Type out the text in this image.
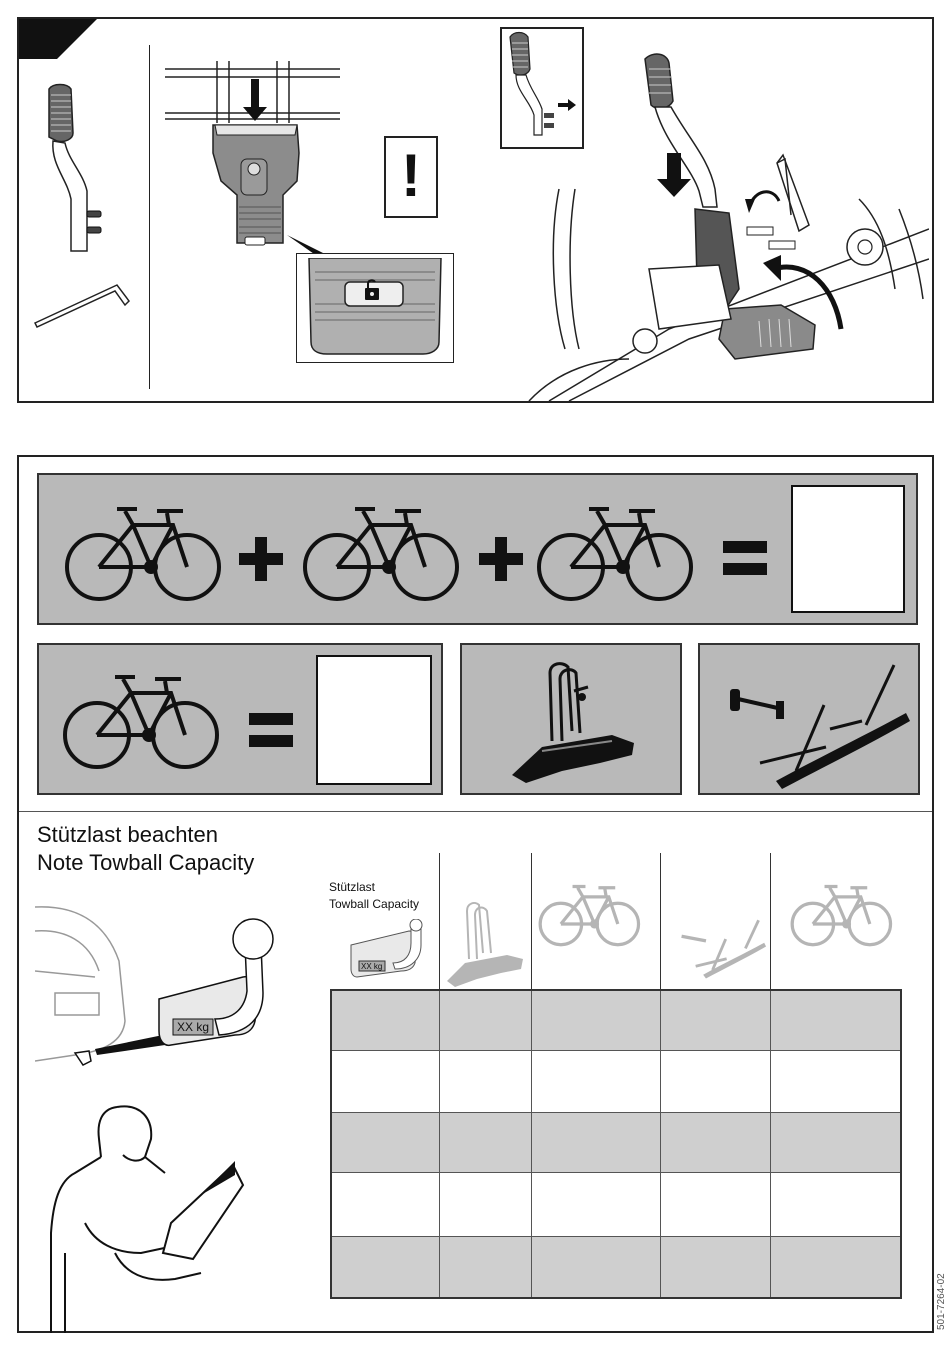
!
Stützlast beachten
Note Towball Capacity
XX kg
Stützlast
Towball Capacity
XX kg
501-7264-02
